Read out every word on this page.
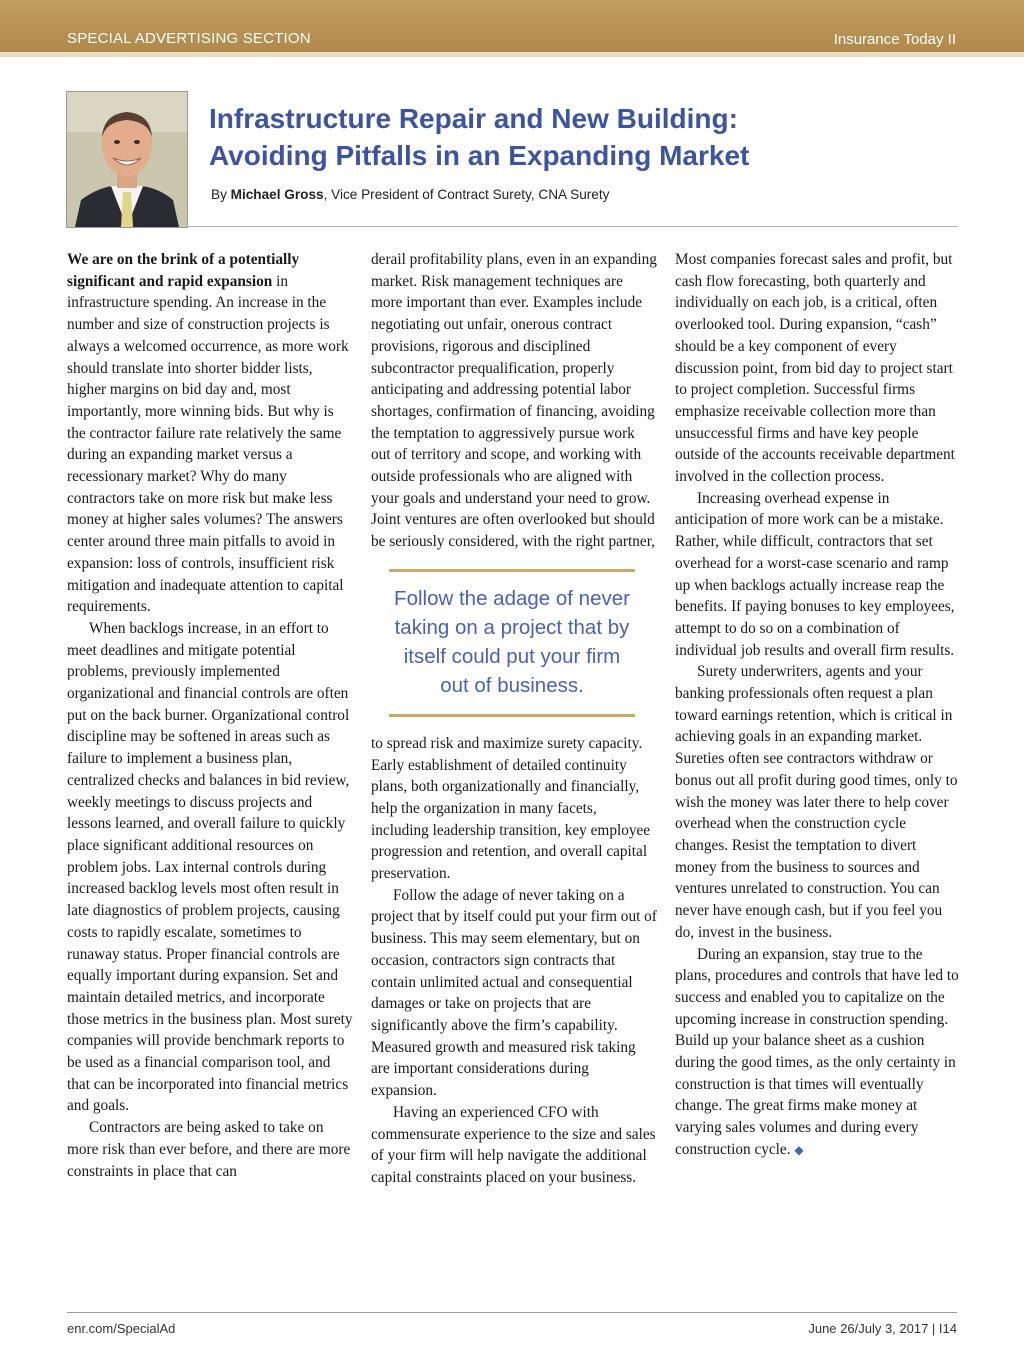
SPECIAL ADVERTISING SECTION	Insurance Today II
Infrastructure Repair and New Building:
Avoiding Pitfalls in an Expanding Market
By Michael Gross, Vice President of Contract Surety, CNA Surety

We are on the brink of a potentially significant and rapid expansion in infrastructure spending. An increase in the number and size of construction projects is always a welcomed occurrence, as more work should translate into shorter bidder lists, higher margins on bid day and, most importantly, more winning bids. But why is the contractor failure rate relatively the same during an expanding market versus a recessionary market? Why do many contractors take on more risk but make less money at higher sales volumes? The answers center around three main pitfalls to avoid in expansion: loss of controls, insufficient risk mitigation and inadequate attention to capital requirements.

When backlogs increase, in an effort to meet deadlines and mitigate potential problems, previously implemented organizational and financial controls are often put on the back burner. Organizational control discipline may be softened in areas such as failure to implement a business plan, centralized checks and balances in bid review, weekly meetings to discuss projects and lessons learned, and overall failure to quickly place significant additional resources on problem jobs. Lax internal controls during increased backlog levels most often result in late diagnostics of problem projects, causing costs to rapidly escalate, sometimes to runaway status. Proper financial controls are equally important during expansion. Set and maintain detailed metrics, and incorporate those metrics in the business plan. Most surety companies will provide benchmark reports to be used as a financial comparison tool, and that can be incorporated into financial metrics and goals.

Contractors are being asked to take on more risk than ever before, and there are more constraints in place that can

derail profitability plans, even in an expanding market. Risk management techniques are more important than ever. Examples include negotiating out unfair, onerous contract provisions, rigorous and disciplined subcontractor prequalification, properly anticipating and addressing potential labor shortages, confirmation of financing, avoiding the temptation to aggressively pursue work out of territory and scope, and working with outside professionals who are aligned with your goals and understand your need to grow. Joint ventures are often overlooked but should be seriously considered, with the right partner,

Follow the adage of never taking on a project that by itself could put your firm out of business.

to spread risk and maximize surety capacity. Early establishment of detailed continuity plans, both organizationally and financially, help the organization in many facets, including leadership transition, key employee progression and retention, and overall capital preservation.

Follow the adage of never taking on a project that by itself could put your firm out of business. This may seem elementary, but on occasion, contractors sign contracts that contain unlimited actual and consequential damages or take on projects that are significantly above the firm’s capability. Measured growth and measured risk taking are important considerations during expansion.

Having an experienced CFO with commensurate experience to the size and sales of your firm will help navigate the additional capital constraints placed on your business.

Most companies forecast sales and profit, but cash flow forecasting, both quarterly and individually on each job, is a critical, often overlooked tool. During expansion, “cash” should be a key component of every discussion point, from bid day to project start to project completion. Successful firms emphasize receivable collection more than unsuccessful firms and have key people outside of the accounts receivable department involved in the collection process.

Increasing overhead expense in anticipation of more work can be a mistake. Rather, while difficult, contractors that set overhead for a worst-case scenario and ramp up when backlogs actually increase reap the benefits. If paying bonuses to key employees, attempt to do so on a combination of individual job results and overall firm results.

Surety underwriters, agents and your banking professionals often request a plan toward earnings retention, which is critical in achieving goals in an expanding market. Sureties often see contractors withdraw or bonus out all profit during good times, only to wish the money was later there to help cover overhead when the construction cycle changes. Resist the temptation to divert money from the business to sources and ventures unrelated to construction. You can never have enough cash, but if you feel you do, invest in the business.

During an expansion, stay true to the plans, procedures and controls that have led to success and enabled you to capitalize on the upcoming increase in construction spending. Build up your balance sheet as a cushion during the good times, as the only certainty in construction is that times will eventually change. The great firms make money at varying sales volumes and during every construction cycle. ◆

enr.com/SpecialAd	June 26/July 3, 2017 | I14
